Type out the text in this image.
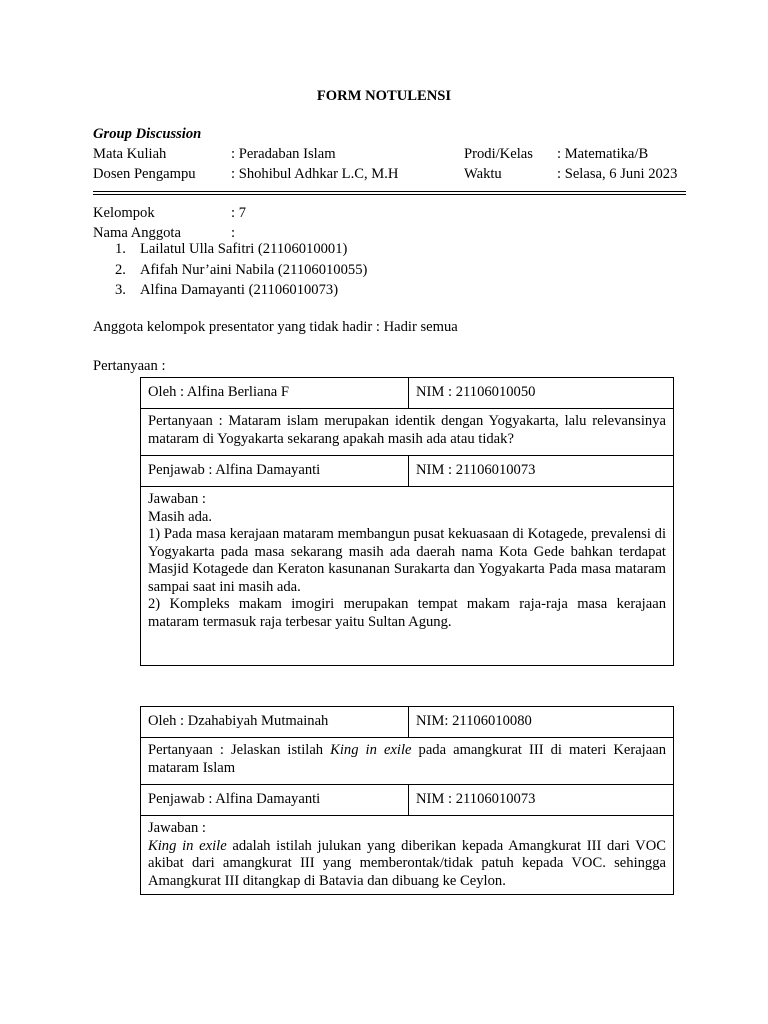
FORM NOTULENSI
Group Discussion
Mata Kuliah	: Peradaban Islam	Prodi/Kelas : Matematika/B
Dosen Pengampu : Shohibul Adhkar L.C, M.H	Waktu	: Selasa, 6 Juni 2023
Kelompok	: 7
Nama Anggota	:
1. Lailatul Ulla Safitri (21106010001)
2. Afifah Nur’aini Nabila (21106010055)
3. Alfina Damayanti (21106010073)
Anggota kelompok presentator yang tidak hadir : Hadir semua
Pertanyaan :
Oleh : Alfina Berliana F	NIM : 21106010050
Pertanyaan : Mataram islam merupakan identik dengan Yogyakarta, lalu relevansinya mataram di Yogyakarta sekarang apakah masih ada atau tidak?	
Penjawab : Alfina Damayanti	NIM : 21106010073

Jawaban :

Masih ada.

1) Pada masa kerajaan mataram membangun pusat kekuasaan di Kotagede, prevalensi di Yogyakarta pada masa sekarang masih ada daerah nama Kota Gede bahkan terdapat Masjid Kotagede dan Keraton kasunanan Surakarta dan Yogyakarta Pada masa mataram sampai saat ini masih ada.

2) Kompleks makam imogiri merupakan tempat makam raja-raja masa kerajaan mataram termasuk raja terbesar yaitu Sultan Agung.	

Oleh : Dzahabiyah Mutmainah	NIM: 21106010080
Pertanyaan : Jelaskan istilah King in exile pada amangkurat III di materi Kerajaan mataram Islam	
Penjawab : Alfina Damayanti	NIM : 21106010073

Jawaban :

King in exile adalah istilah julukan yang diberikan kepada Amangkurat III dari VOC akibat dari amangkurat III yang memberontak/tidak patuh kepada VOC. sehingga Amangkurat III ditangkap di Batavia dan dibuang ke Ceylon.	
